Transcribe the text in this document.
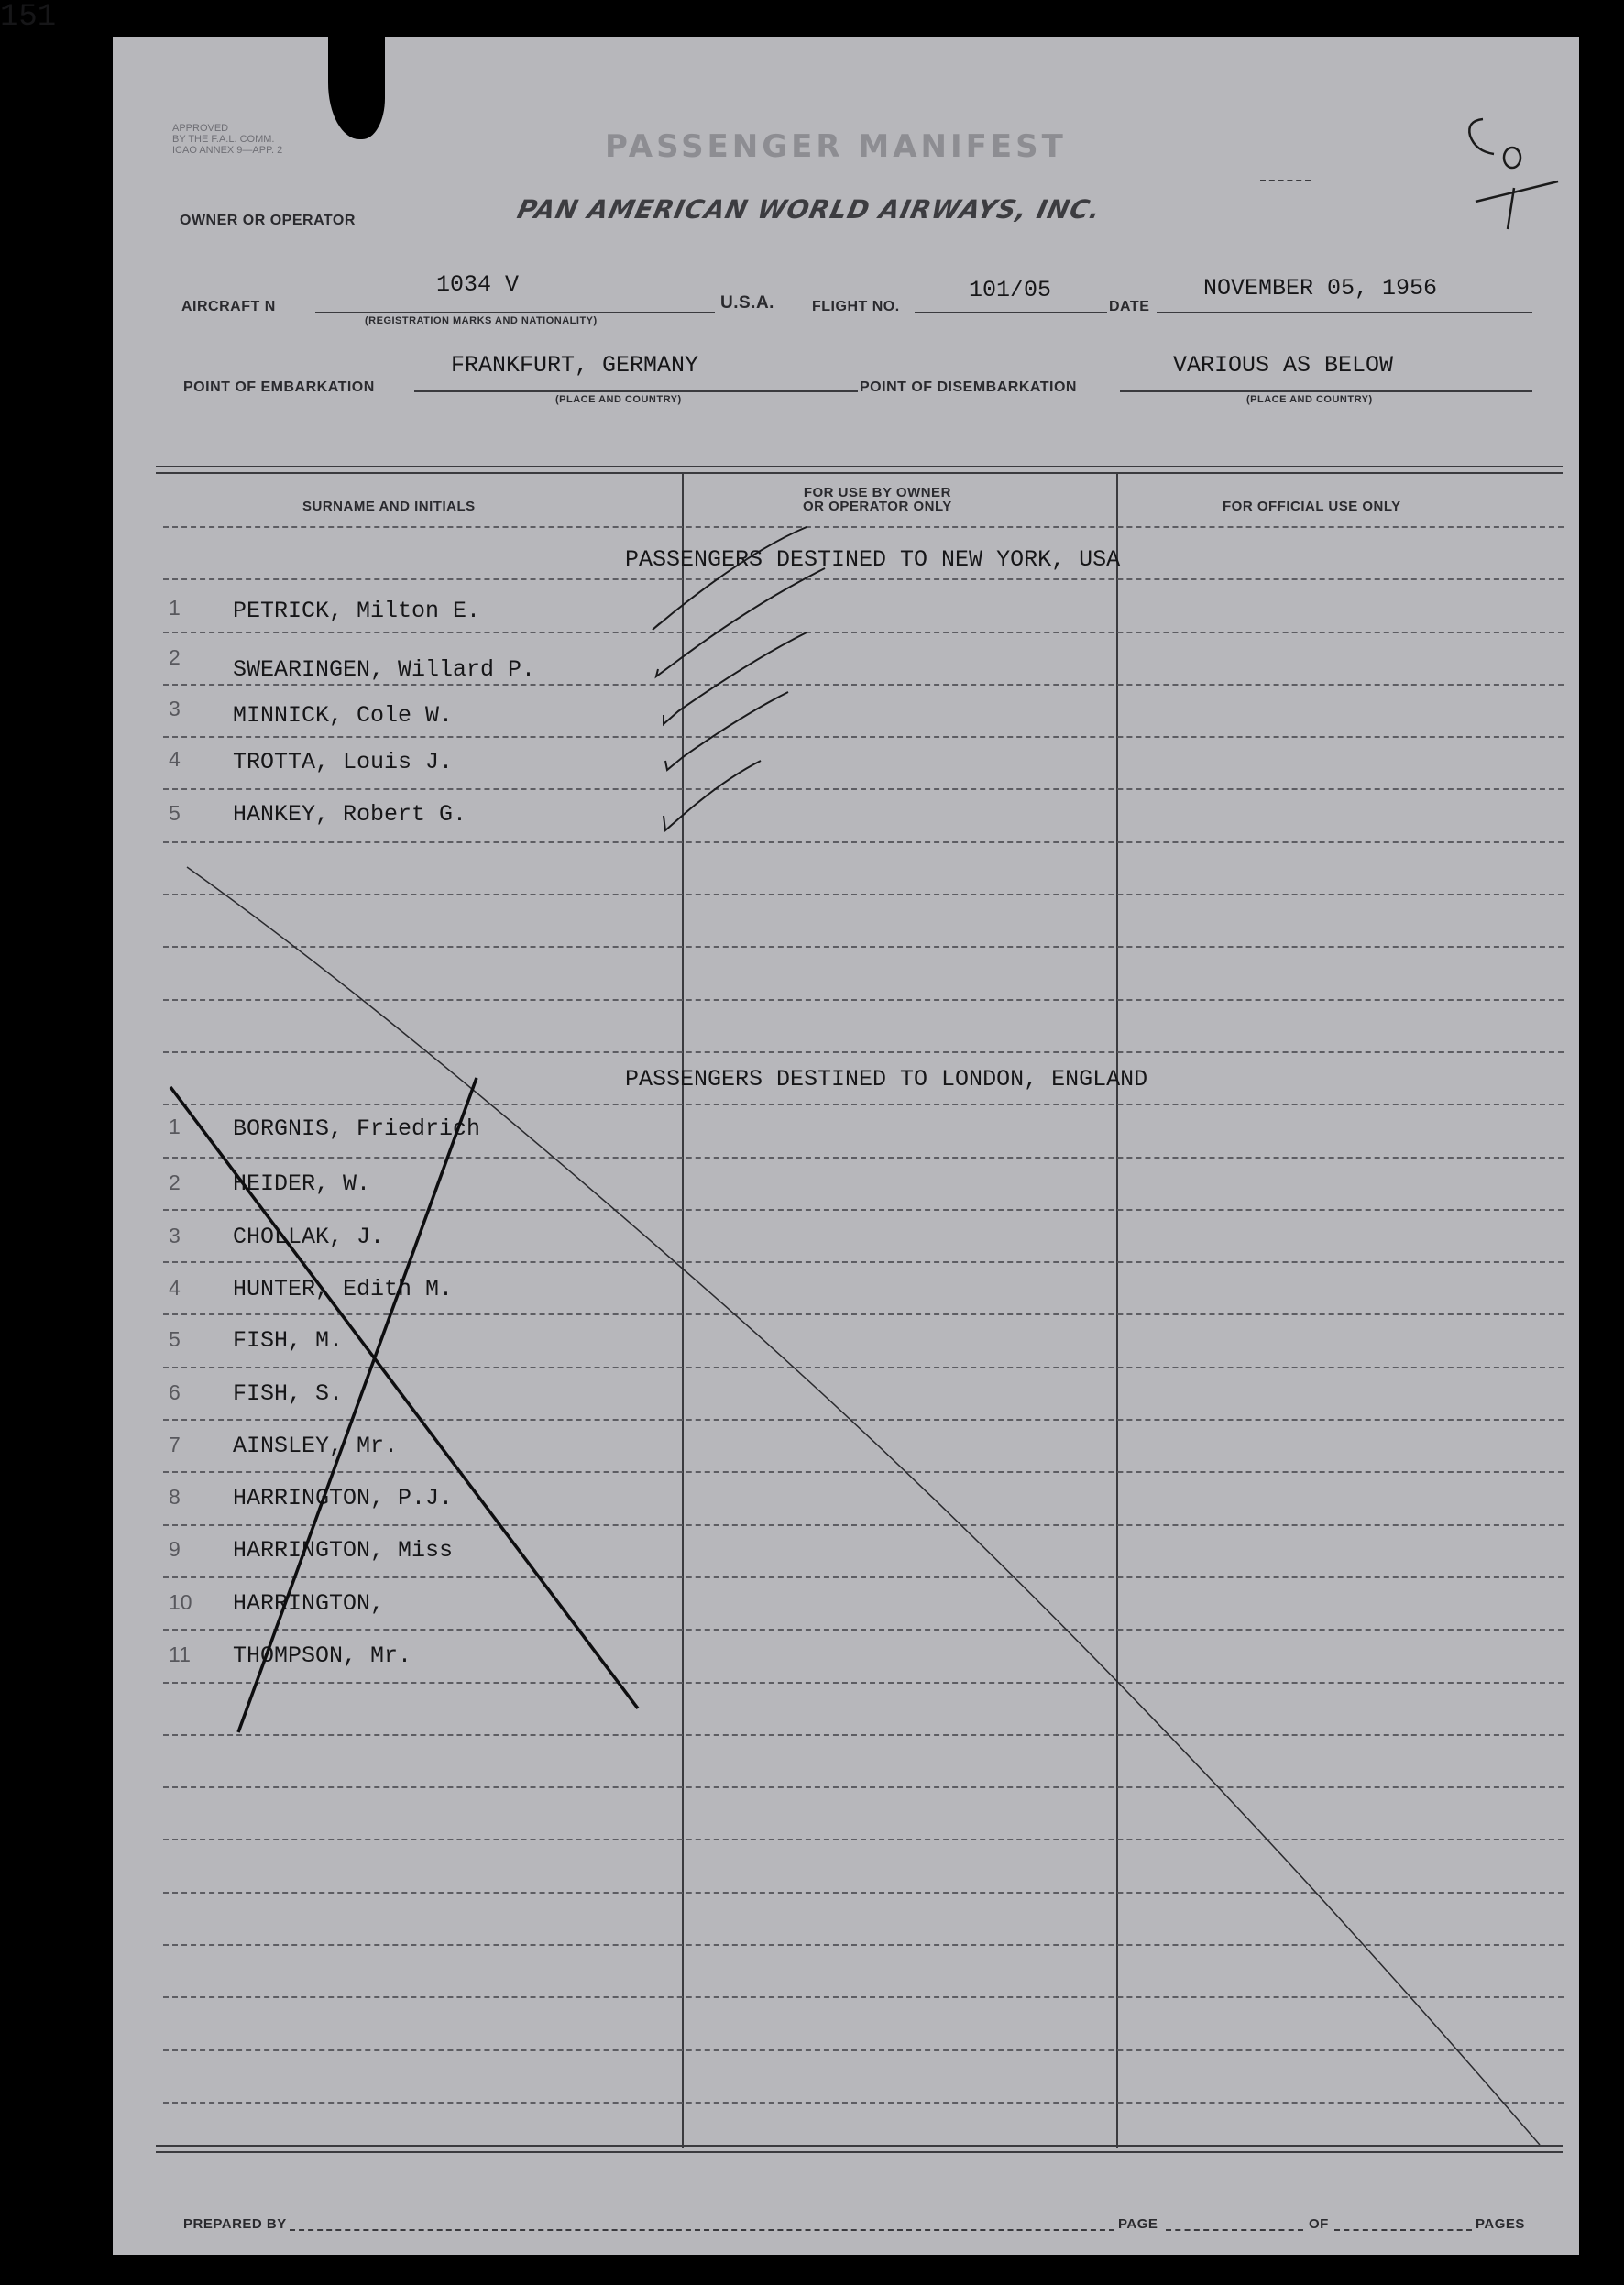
APPROVED
BY THE F.A.L. COMM.
ICAO ANNEX 9—APP. 2	PASSENGER MANIFEST
PAN AMERICAN WORLD AIRWAYS, INC.
151
OWNER OR OPERATOR
AIRCRAFT N
1034 V
(REGISTRATION MARKS AND NATIONALITY)
U.S.A.	FLIGHT NO.
101/05
DATE
NOVEMBER 05, 1956
POINT OF EMBARKATION
FRANKFURT, GERMANY
(PLACE AND COUNTRY)
POINT OF DISEMBARKATION
VARIOUS AS BELOW
(PLACE AND COUNTRY)
SURNAME AND INITIALS
FOR USE BY OWNER
OR OPERATOR ONLY	FOR OFFICIAL USE ONLY
PASSENGERS DESTINED TO NEW YORK, USA
1	PETRICK, Milton E.
2	SWEARINGEN, Willard P.
3	MINNICK, Cole W.
4	TROTTA, Louis J.
5	HANKEY, Robert G.
PASSENGERS DESTINED TO LONDON, ENGLAND
1	BORGNIS, Friedrich
2	HEIDER, W.
3	CHOLLAK, J.
4	HUNTER, Edith M.
5	FISH, M.
6	FISH, S.
7	AINSLEY, Mr.
8	HARRINGTON, P.J.
9	HARRINGTON, Miss
10 HARRINGTON,
11 THOMPSON, Mr.
PREPARED BY	PAGE	OF	PAGES
